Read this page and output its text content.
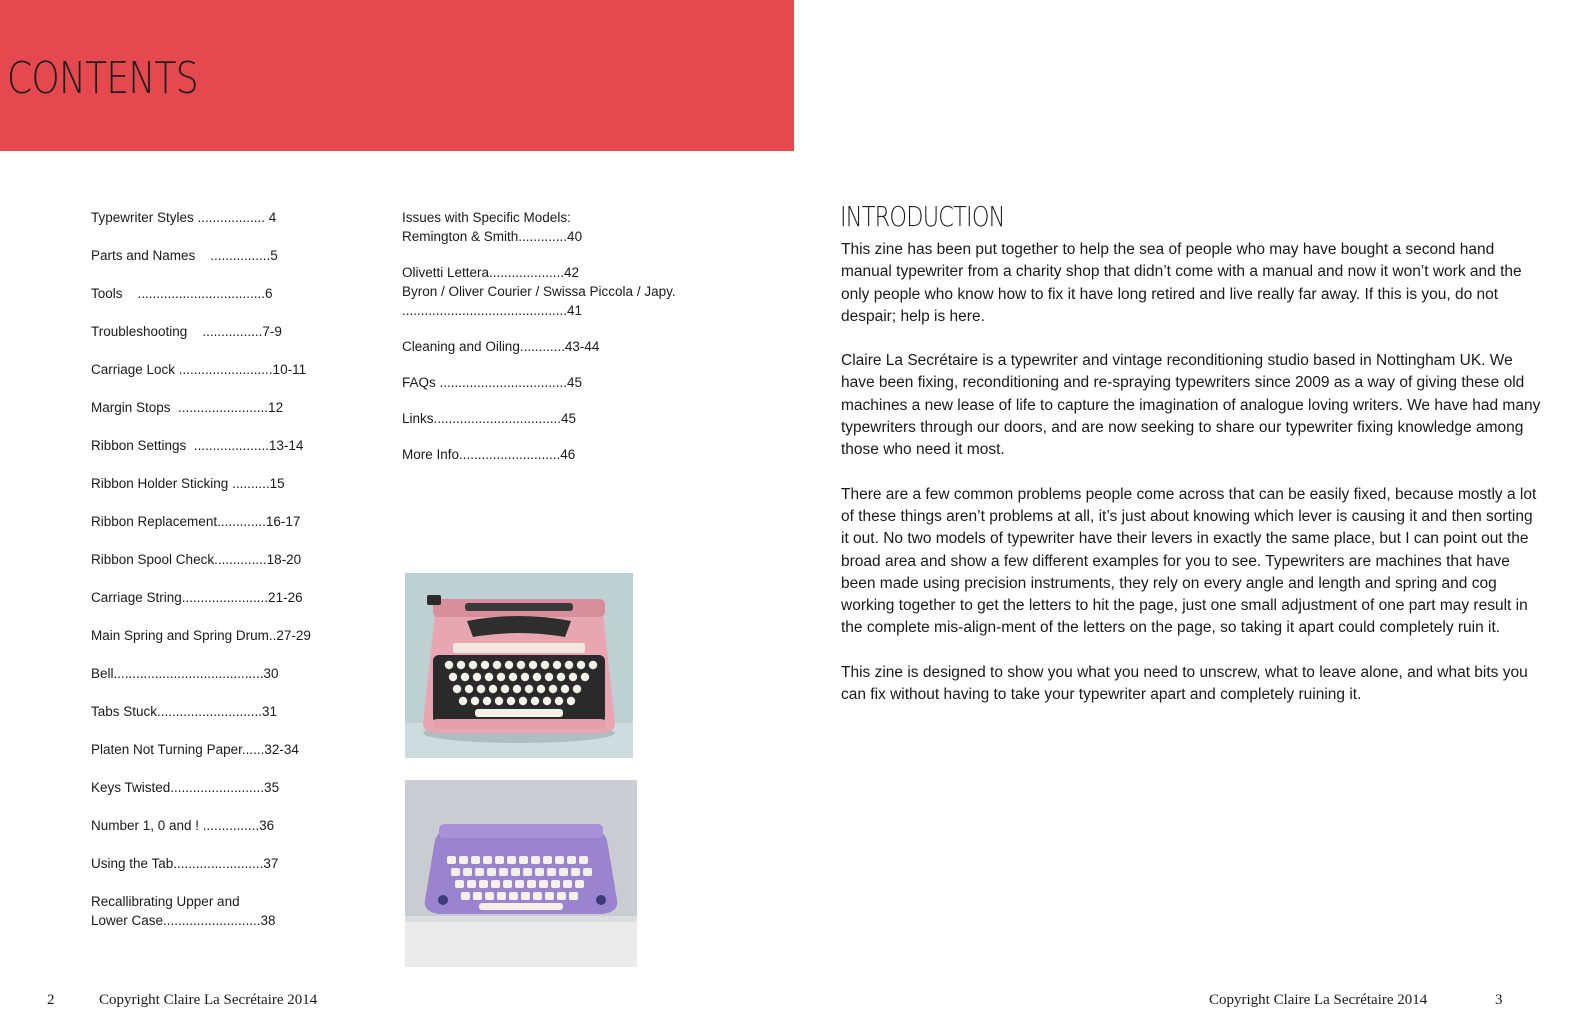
CONTENTS
Typewriter Styles .................. 4
Parts and Names    ................5
Tools    ..................................6
Troubleshooting    ................7-9
Carriage Lock .........................10-11
Margin Stops  ........................12
Ribbon Settings  ....................13-14
Ribbon Holder Sticking ..........15
Ribbon Replacement.............16-17
Ribbon Spool Check..............18-20
Carriage String.......................21-26
Main Spring and Spring Drum..27-29
Bell........................................30
Tabs Stuck............................31
Platen Not Turning Paper......32-34
Keys Twisted.........................35
Number 1, 0 and ! ...............36
Using the Tab........................37
Recallibrating Upper and
Lower Case..........................38
Issues with Specific Models:
Remington & Smith.............40
Olivetti Lettera....................42
Byron / Oliver Courier / Swissa Piccola / Japy.
............................................41
Cleaning and Oiling............43-44
FAQs ..................................45
Links..................................45
More Info...........................46
INTRODUCTION

This zine has been put together to help the sea of people who may have bought a second hand manual typewriter from a charity shop that didn’t come with a manual and now it won’t work and the only people who know how to fix it have long retired and live really far away. If this is you, do not despair; help is here.

Claire La Secrétaire is a typewriter and vintage reconditioning studio based in Nottingham UK. We have been fixing, reconditioning and re-spraying typewriters since 2009 as a way of giving these old machines a new lease of life to capture the imagination of analogue loving writers. We have had many typewriters through our doors, and are now seeking to share our typewriter fixing knowledge among those who need it most.

There are a few common problems people come across that can be easily fixed, because mostly a lot of these things aren’t problems at all, it’s just about knowing which lever is causing it and then sorting it out. No two models of typewriter have their levers in exactly the same place, but I can point out the broad area and show a few different examples for you to see. Typewriters are machines that have been made using precision instruments, they rely on every angle and length and spring and cog working together to get the letters to hit the page, just one small adjustment of one part may result in the complete mis-align-ment of the letters on the page, so taking it apart could completely ruin it.

This zine is designed to show you what you need to unscrew, what to leave alone, and what bits you can fix without having to take your typewriter apart and completely ruining it.

2	Copyright Claire La Secrétaire 2014	Copyright Claire La Secrétaire 2014	3
